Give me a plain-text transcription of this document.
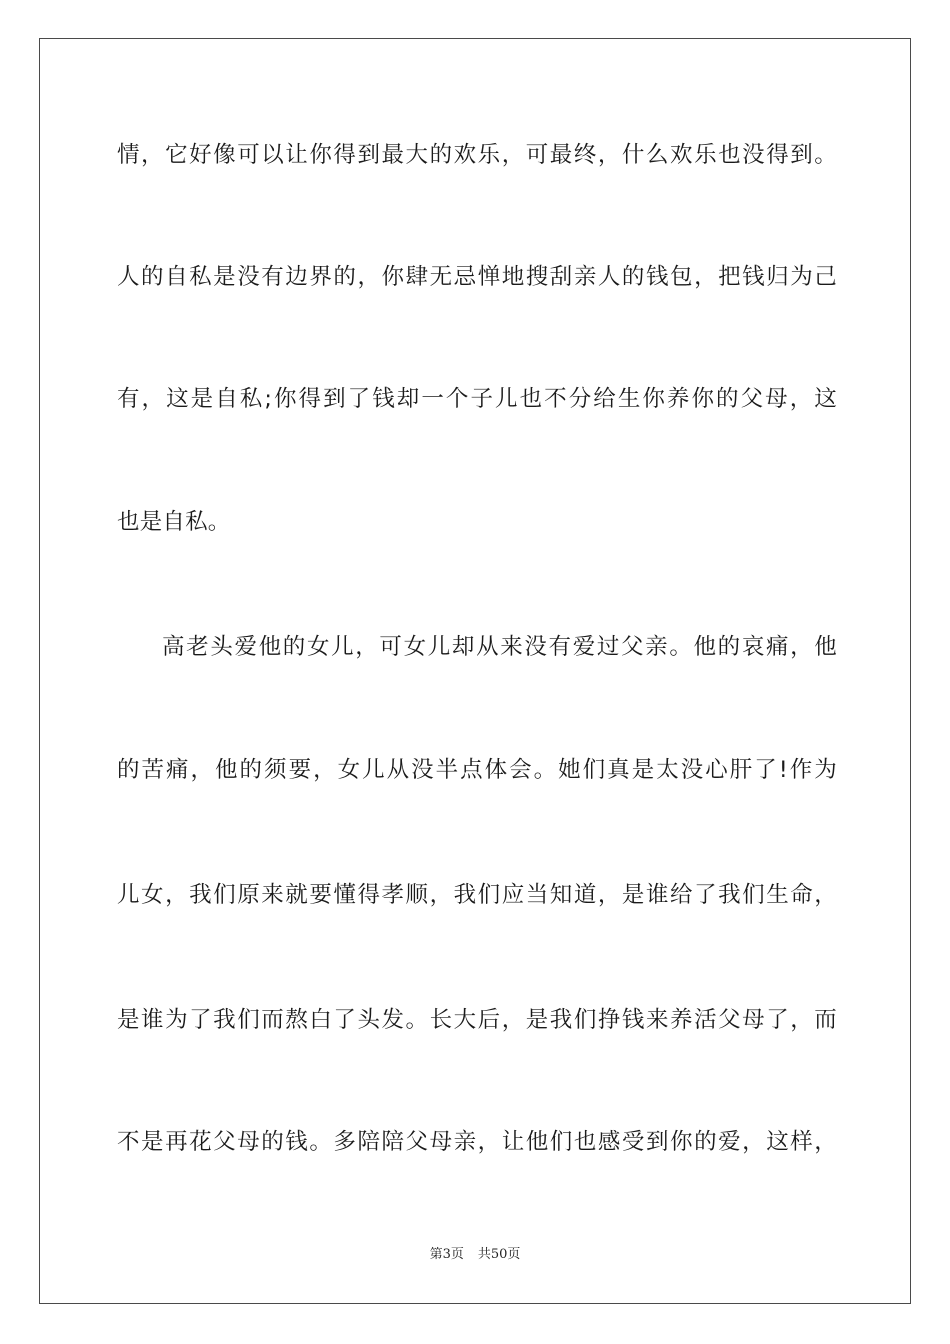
情，它好像可以让你得到最大的欢乐，可最终，什么欢乐也没得到。
人的自私是没有边界的，你肆无忌惮地搜刮亲人的钱包，把钱归为己
有，这是自私;你得到了钱却一个子儿也不分给生你养你的父母，这
也是自私。
高老头爱他的女儿，可女儿却从来没有爱过父亲。他的哀痛，他
的苦痛，他的须要，女儿从没半点体会。她们真是太没心肝了!作为
儿女，我们原来就要懂得孝顺，我们应当知道，是谁给了我们生命，
是谁为了我们而熬白了头发。长大后，是我们挣钱来养活父母了，而
不是再花父母的钱。多陪陪父母亲，让他们也感受到你的爱，这样，
第3页 共50页
